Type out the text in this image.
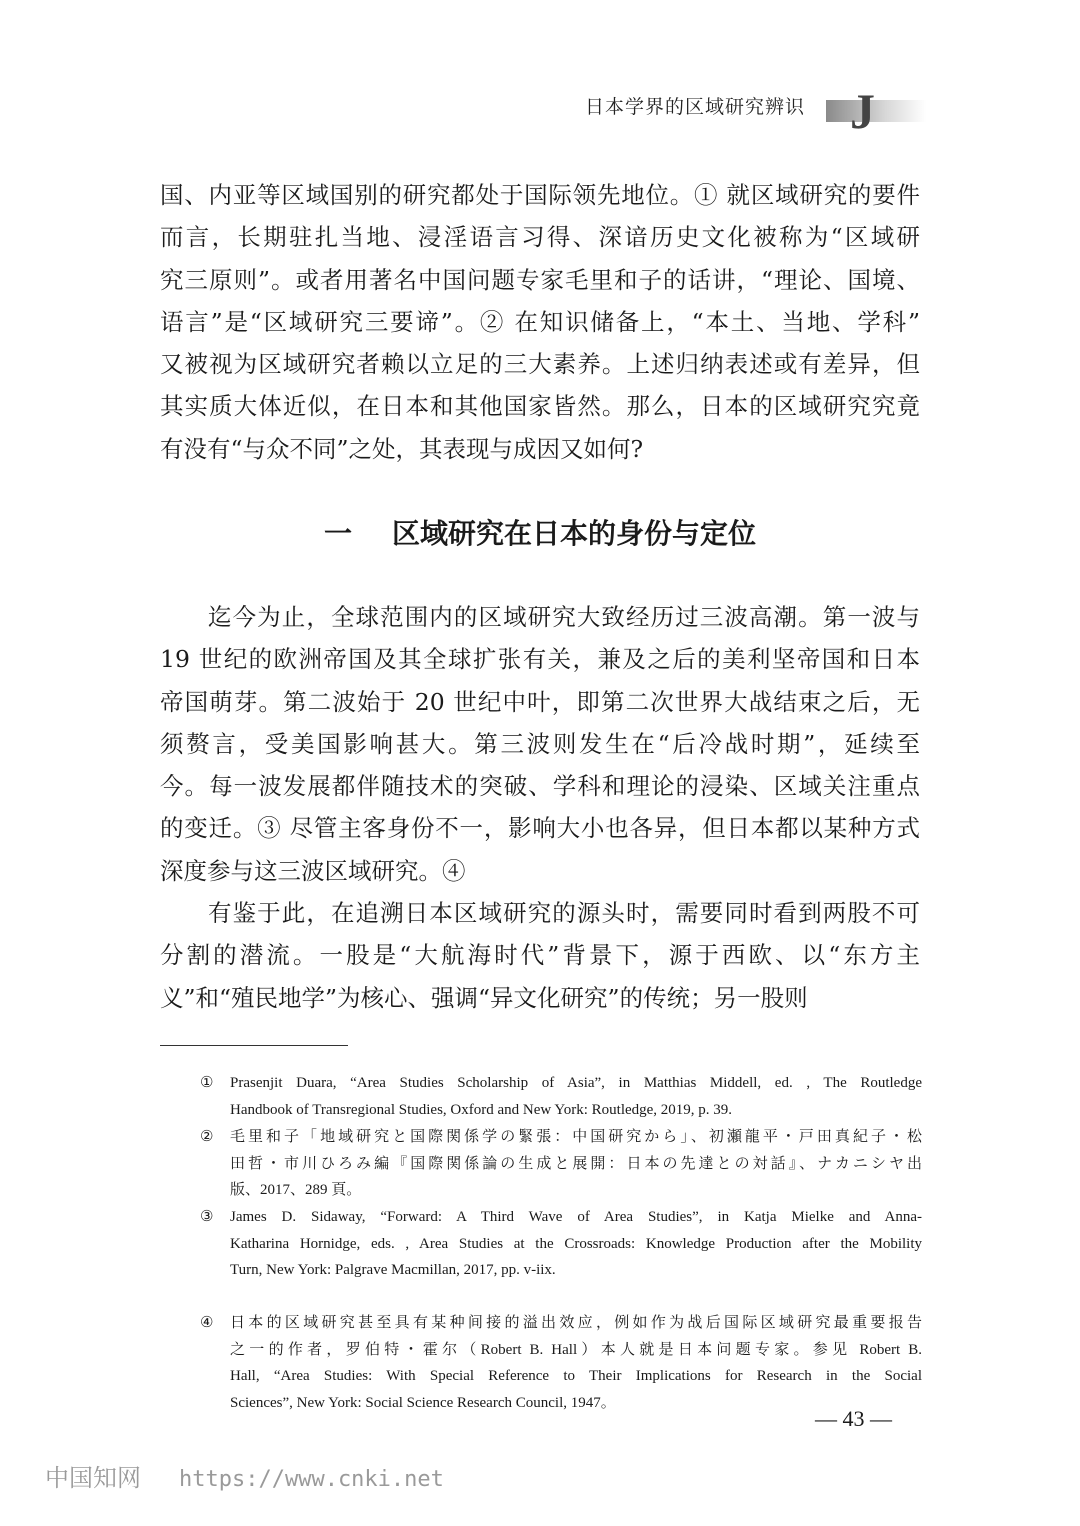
日本学界的区域研究辨识 J
国、内亚等区域国别的研究都处于国际领先地位。① 就区域研究的要件
而言，长期驻扎当地、浸淫语言习得、深谙历史文化被称为“区域研
究三原则”。或者用著名中国问题专家毛里和子的话讲，“理论、国境、
语言”是“区域研究三要谛”。② 在知识储备上，“本土、当地、学科”
又被视为区域研究者赖以立足的三大素养。上述归纳表述或有差异，但
其实质大体近似，在日本和其他国家皆然。那么，日本的区域研究究竟
有没有“与众不同”之处，其表现与成因又如何?
一 区域研究在日本的身份与定位
迄今为止，全球范围内的区域研究大致经历过三波高潮。第一波与
19 世纪的欧洲帝国及其全球扩张有关，兼及之后的美利坚帝国和日本
帝国萌芽。第二波始于 20 世纪中叶，即第二次世界大战结束之后，无
须赘言，受美国影响甚大。第三波则发生在“后冷战时期”，延续至
今。每一波发展都伴随技术的突破、学科和理论的浸染、区域关注重点
的变迁。③ 尽管主客身份不一，影响大小也各异，但日本都以某种方式
深度参与这三波区域研究。④
有鉴于此，在追溯日本区域研究的源头时，需要同时看到两股不可
分割的潜流。一股是“大航海时代”背景下，源于西欧、以“东方主
义”和“殖民地学”为核心、强调“异文化研究”的传统；另一股则
① Prasenjit Duara, “Area Studies Scholarship of Asia”, in Matthias Middell, ed. , The Routledge
Handbook of Transregional Studies, Oxford and New York: Routledge, 2019, p. 39.
② 毛里和子「地域研究と国際関係学の緊張：中国研究から」、初瀬龍平・戸田真紀子・松
田哲・市川ひろみ編『国際関係論の生成と展開：日本の先達との対話』、ナカニシヤ出
版、2017、289 頁。
③ James D. Sidaway, “Forward: A Third Wave of Area Studies”, in Katja Mielke and Anna-
Katharina Hornidge, eds. , Area Studies at the Crossroads: Knowledge Production after the Mobility
Turn, New York: Palgrave Macmillan, 2017, pp. v-iix.
④ 日本的区域研究甚至具有某种间接的溢出效应，例如作为战后国际区域研究最重要报告
之一的作者，罗伯特・霍尔（Robert B. Hall）本人就是日本问题专家。参见 Robert B.
Hall, “Area Studies: With Special Reference to Their Implications for Research in the Social
Sciences”, New York: Social Science Research Council, 1947。
— 43 —
中国知网 https://www.cnki.net
